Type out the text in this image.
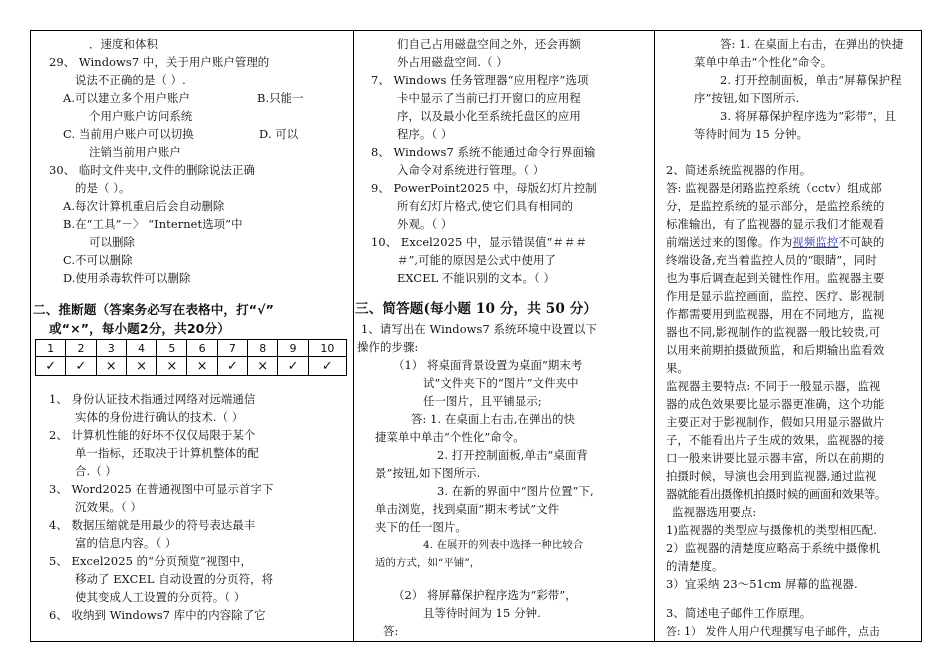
．速度和体积
29、 Windows7 中，关于用户账户管理的
说法不正确的是（ ）.
A.可以建立多个用户账户	B.只能一
个用户账户访问系统
C. 当前用户账户可以切换	D. 可以
注销当前用户账户
30、 临时文件夹中,文件的删除说法正确
的是（ ）。
A.每次计算机重启后会自动删除
B.在“工具”－〉 “Internet选项”中
可以删除
C.不可以删除
D.使用杀毒软件可以删除
二、推断题（答案务必写在表格中，打“√”
或“×”，每小题2分，共20分）
1	2	3	4	5	6	7	8	9	10
✓	✓	×	×	×	×	✓	×	✓	✓
1、 身份认证技术指通过网络对远端通信
实体的身份进行确认的技术.（ ）
2、 计算机性能的好坏不仅仅局限于某个
单一指标，还取决于计算机整体的配
合.（ ）
3、 Word2025 在普通视图中可显示首字下
沉效果。（ ）
4、 数据压缩就是用最少的符号表达最丰
富的信息内容。（ ）
5、 Excel2025 的“分页预览”视图中，
移动了 EXCEL 自动设置的分页符，将
使其变成人工设置的分页符。（ ）
6、 收纳到 Windows7 库中的内容除了它
们自己占用磁盘空间之外，还会再额
外占用磁盘空间.（ ）
7、 Windows 任务管理器“应用程序”选项
卡中显示了当前已打开窗口的应用程
序，以及最小化至系统托盘区的应用
程序。（ ）
8、 Windows7 系统不能通过命令行界面输
入命令对系统进行管理。（ ）
9、 PowerPoint2025 中，母版幻灯片控制
所有幻灯片格式,使它们具有相同的
外观。（ ）
10、 Excel2025 中，显示错误值“＃＃＃
＃”,可能的原因是公式中使用了
EXCEL 不能识别的文本。（ ）
三、简答题(每小题 10 分，共 50 分）
1、请写出在 Windows7 系统环境中设置以下
操作的步骤:
（1） 将桌面背景设置为桌面“期末考
试”文件夹下的“图片”文件夹中
任一图片，且平铺显示;
答: 1. 在桌面上右击,在弹出的快
捷菜单中单击“个性化”命令。
2. 打开控制面板,单击“桌面背
景”按钮,如下图所示.
3. 在新的界面中“图片位置”下,
单击浏览，找到桌面“期末考试”文件
夹下的任一图片。
4. 在展开的列表中选择一种比较合
适的方式，如“平铺”，
（2） 将屏幕保护程序选为“彩带”，
且等待时间为 15 分钟.
答:
答: 1. 在桌面上右击，在弹出的快捷
菜单中单击“个性化”命令。
2. 打开控制面板，单击“屏幕保护程
序”按钮,如下图所示.
3. 将屏幕保护程序选为“彩带”，且
等待时间为 15 分钟。
2、简述系统监视器的作用。
答: 监视器是闭路监控系统（cctv）组成部
分，是监控系统的显示部分，是监控系统的
标准输出，有了监视器的显示我们才能观看
前端送过来的图像。作为视频监控不可缺的
终端设备,充当着监控人员的“眼睛”，同时
也为事后调查起到关键性作用。监视器主要
作用是显示监控画面，监控、医疗、影视制
作都需要用到监视器，用在不同地方，监视
器也不同,影视制作的监视器一般比较贵,可
以用来前期拍摄做预监，和后期输出监看效
果。
监视器主要特点: 不同于一般显示器，监视
器的成色效果要比显示器更准确，这个功能
主要正对于影视制作，假如只用显示器做片
子，不能看出片子生成的效果，监视器的接
口一般来讲要比显示器丰富，所以在前期的
拍摄时候，导演也会用到监视器,通过监视
器就能看出摄像机拍摄时候的画面和效果等。
监视器选用要点:
1)监视器的类型应与摄像机的类型相匹配.
2）监视器的清楚度应略高于系统中摄像机
的清楚度。
3）宜采纳 23～51cm 屏幕的监视器.
3、简述电子邮件工作原理。
答: 1） 发件人用户代理撰写电子邮件，点击
